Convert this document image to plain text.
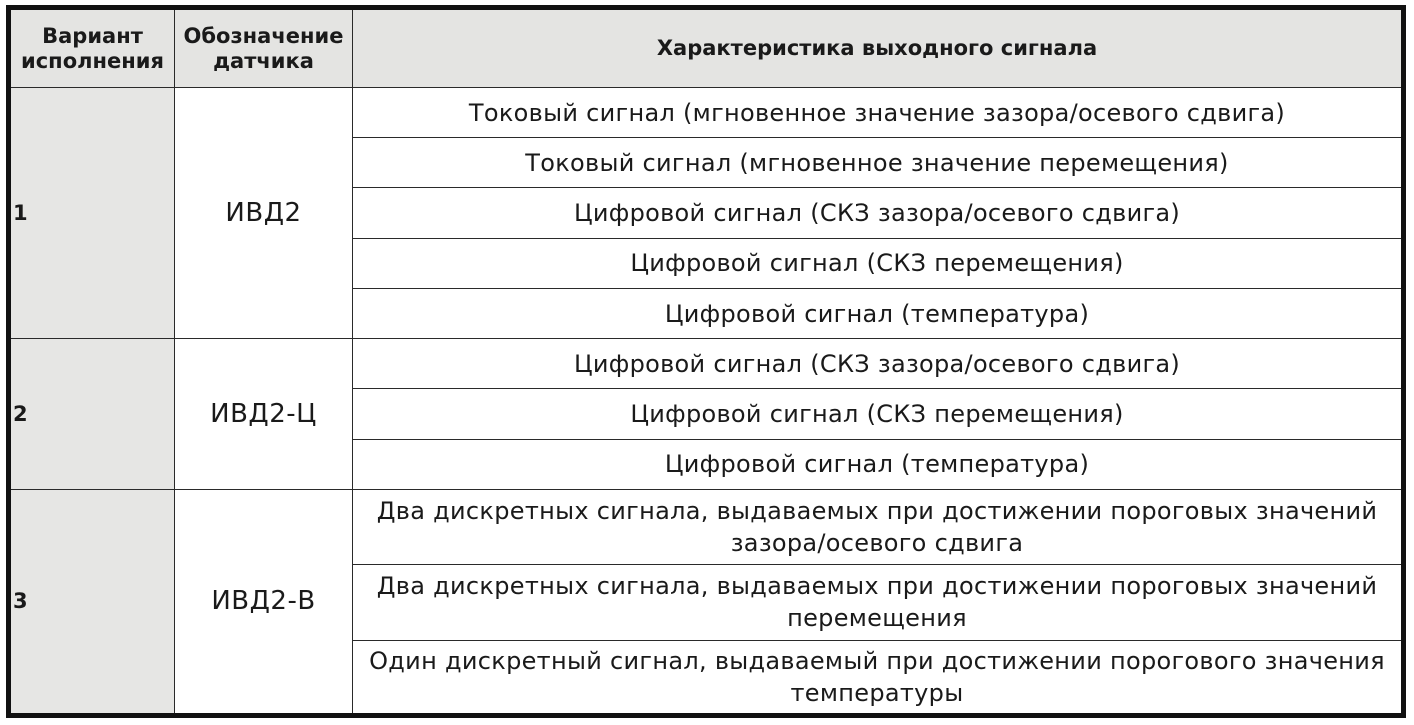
Вариант исполнения	Обозначение датчика	Характеристика выходного сигнала
1	ИВД2	Токовый сигнал (мгновенное значение зазора/осевого сдвига)
		Токовый сигнал (мгновенное значение перемещения)
		Цифровой сигнал (СКЗ зазора/осевого сдвига)
		Цифровой сигнал (СКЗ перемещения)
		Цифровой сигнал (температура)
2	ИВД2-Ц	Цифровой сигнал (СКЗ зазора/осевого сдвига)
		Цифровой сигнал (СКЗ перемещения)
		Цифровой сигнал (температура)
3	ИВД2-В	Два дискретных сигнала, выдаваемых при достижении пороговых значений зазора/осевого сдвига
		Два дискретных сигнала, выдаваемых при достижении пороговых значений перемещения
		Один дискретный сигнал, выдаваемый при достижении порогового значения температуры
